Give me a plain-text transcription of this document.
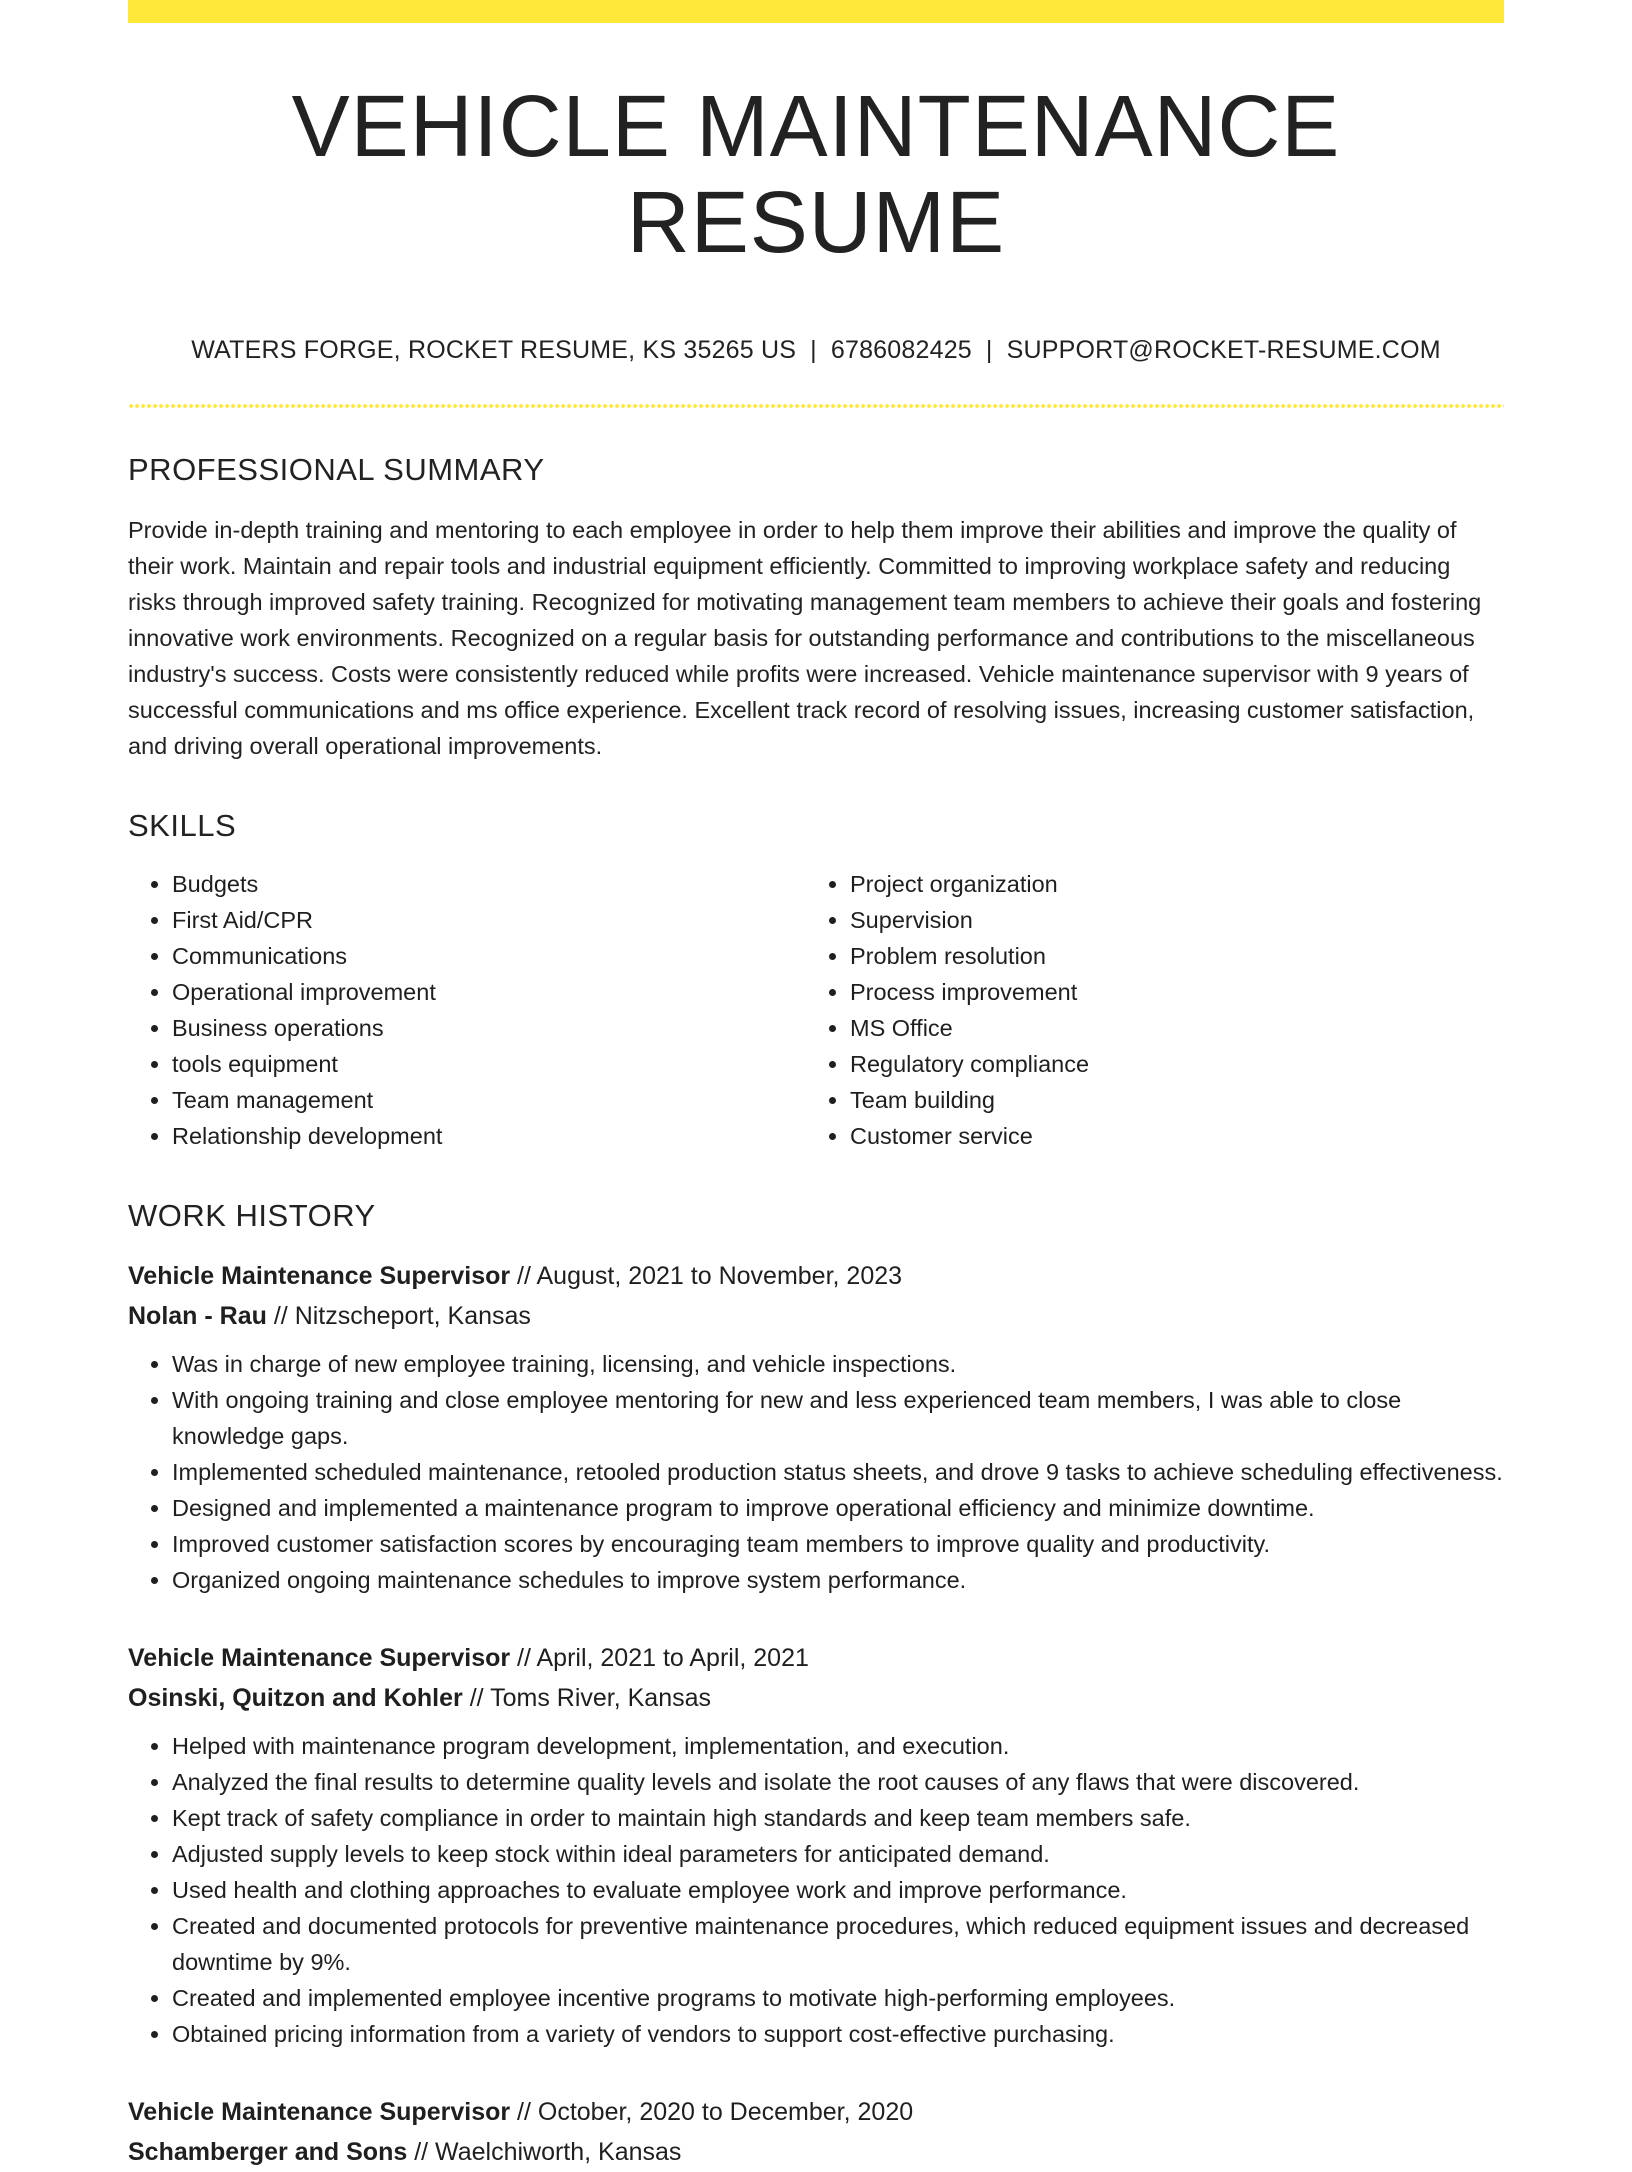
VEHICLE MAINTENANCE RESUME
WATERS FORGE, ROCKET RESUME, KS 35265 US | 6786082425 | SUPPORT@ROCKET-RESUME.COM
PROFESSIONAL SUMMARY

Provide in-depth training and mentoring to each employee in order to help them improve their abilities and improve the quality of their work. Maintain and repair tools and industrial equipment efficiently. Committed to improving workplace safety and reducing risks through improved safety training. Recognized for motivating management team members to achieve their goals and fostering innovative work environments. Recognized on a regular basis for outstanding performance and contributions to the miscellaneous industry's success. Costs were consistently reduced while profits were increased. Vehicle maintenance supervisor with 9 years of successful communications and ms office experience. Excellent track record of resolving issues, increasing customer satisfaction, and driving overall operational improvements.

SKILLS
• Budgets
• First Aid/CPR
• Communications
• Operational improvement
• Business operations
• tools equipment
• Team management
• Relationship development
• Project organization
• Supervision
• Problem resolution
• Process improvement
• MS Office
• Regulatory compliance
• Team building
• Customer service
WORK HISTORY
Vehicle Maintenance Supervisor // August, 2021 to November, 2023
Nolan - Rau // Nitzscheport, Kansas
• Was in charge of new employee training, licensing, and vehicle inspections.
• With ongoing training and close employee mentoring for new and less experienced team members, I was able to close knowledge gaps.
• Implemented scheduled maintenance, retooled production status sheets, and drove 9 tasks to achieve scheduling effectiveness.
• Designed and implemented a maintenance program to improve operational efficiency and minimize downtime.
• Improved customer satisfaction scores by encouraging team members to improve quality and productivity.
• Organized ongoing maintenance schedules to improve system performance.
Vehicle Maintenance Supervisor // April, 2021 to April, 2021
Osinski, Quitzon and Kohler // Toms River, Kansas
• Helped with maintenance program development, implementation, and execution.
• Analyzed the final results to determine quality levels and isolate the root causes of any flaws that were discovered.
• Kept track of safety compliance in order to maintain high standards and keep team members safe.
• Adjusted supply levels to keep stock within ideal parameters for anticipated demand.
• Used health and clothing approaches to evaluate employee work and improve performance.
• Created and documented protocols for preventive maintenance procedures, which reduced equipment issues and decreased downtime by 9%.
• Created and implemented employee incentive programs to motivate high-performing employees.
• Obtained pricing information from a variety of vendors to support cost-effective purchasing.
Vehicle Maintenance Supervisor // October, 2020 to December, 2020
Schamberger and Sons // Waelchiworth, Kansas
